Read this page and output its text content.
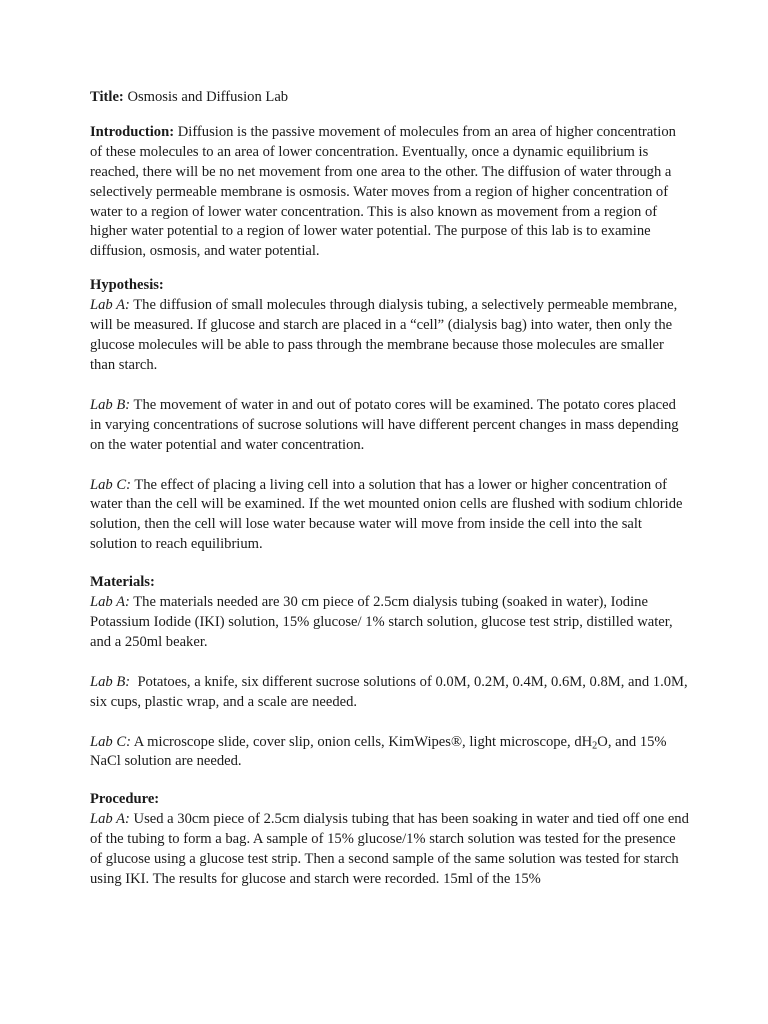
Title: Osmosis and Diffusion Lab

Introduction: Diffusion is the passive movement of molecules from an area of higher concentration of these molecules to an area of lower concentration. Eventually, once a dynamic equilibrium is reached, there will be no net movement from one area to the other. The diffusion of water through a selectively permeable membrane is osmosis. Water moves from a region of higher concentration of water to a region of lower water concentration. This is also known as movement from a region of higher water potential to a region of lower water potential. The purpose of this lab is to examine diffusion, osmosis, and water potential.

Hypothesis:

Lab A: The diffusion of small molecules through dialysis tubing, a selectively permeable membrane, will be measured. If glucose and starch are placed in a “cell” (dialysis bag) into water, then only the glucose molecules will be able to pass through the membrane because those molecules are smaller than starch.

Lab B: The movement of water in and out of potato cores will be examined. The potato cores placed in varying concentrations of sucrose solutions will have different percent changes in mass depending on the water potential and water concentration.

Lab C: The effect of placing a living cell into a solution that has a lower or higher concentration of water than the cell will be examined. If the wet mounted onion cells are flushed with sodium chloride solution, then the cell will lose water because water will move from inside the cell into the salt solution to reach equilibrium.

Materials:

Lab A: The materials needed are 30 cm piece of 2.5cm dialysis tubing (soaked in water), Iodine Potassium Iodide (IKI) solution, 15% glucose/ 1% starch solution, glucose test strip, distilled water, and a 250ml beaker.

Lab B: Potatoes, a knife, six different sucrose solutions of 0.0M, 0.2M, 0.4M, 0.6M, 0.8M, and 1.0M, six cups, plastic wrap, and a scale are needed.

Lab C: A microscope slide, cover slip, onion cells, KimWipes®, light microscope, $dH_2O$, and 15% NaCl solution are needed.

Procedure:

Lab A: Used a 30cm piece of 2.5cm dialysis tubing that has been soaking in water and tied off one end of the tubing to form a bag. A sample of 15% glucose/1% starch solution was tested for the presence of glucose using a glucose test strip. Then a second sample of the same solution was tested for starch using IKI. The results for glucose and starch were recorded. 15ml of the 15%
